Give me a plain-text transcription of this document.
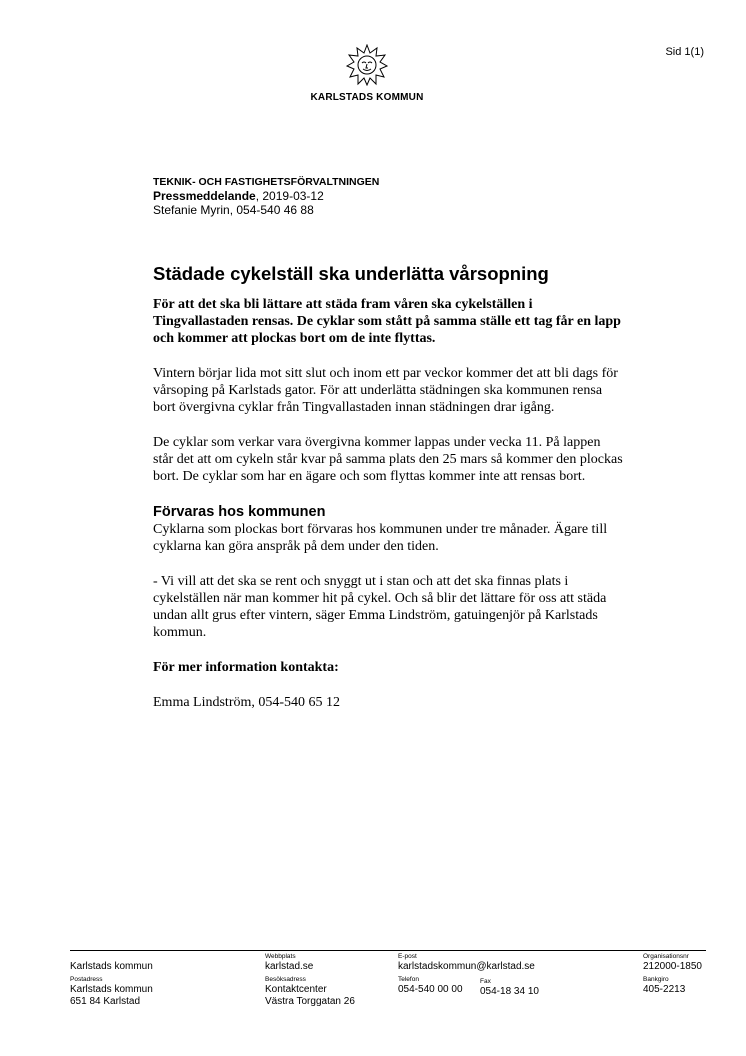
Sid 1(1)
KARLSTADS KOMMUN
TEKNIK- OCH FASTIGHETSFÖRVALTNINGEN
Pressmeddelande, 2019-03-12
Stefanie Myrin, 054-540 46 88
Städade cykelställ ska underlätta vårsopning

För att det ska bli lättare att städa fram våren ska cykelställen i Tingvallastaden rensas. De cyklar som stått på samma ställe ett tag får en lapp och kommer att plockas bort om de inte flyttas.

Vintern börjar lida mot sitt slut och inom ett par veckor kommer det att bli dags för vårsoping på Karlstads gator. För att underlätta städningen ska kommunen rensa bort övergivna cyklar från Tingvallastaden innan städningen drar igång.

De cyklar som verkar vara övergivna kommer lappas under vecka 11. På lappen står det att om cykeln står kvar på samma plats den 25 mars så kommer den plockas bort. De cyklar som har en ägare och som flyttas kommer inte att rensas bort.

Förvaras hos kommunen

Cyklarna som plockas bort förvaras hos kommunen under tre månader. Ägare till cyklarna kan göra anspråk på dem under den tiden.

- Vi vill att det ska se rent och snyggt ut i stan och att det ska finnas plats i cykelställen när man kommer hit på cykel. Och så blir det lättare för oss att städa undan allt grus efter vintern, säger Emma Lindström, gatuingenjör på Karlstads kommun.

För mer information kontakta:

Emma Lindström, 054-540 65 12

Karlstads kommun
Postadress
Karlstads kommun
651 84 Karlstad
Webbplats
karlstad.se
Besöksadress
Kontaktcenter
Västra Torggatan 26
E-post
karlstadskommun@karlstad.se
Telefon
054-540 00 00
Fax
054-18 34 10
Organisationsnr
212000-1850
Bankgiro
405-2213
